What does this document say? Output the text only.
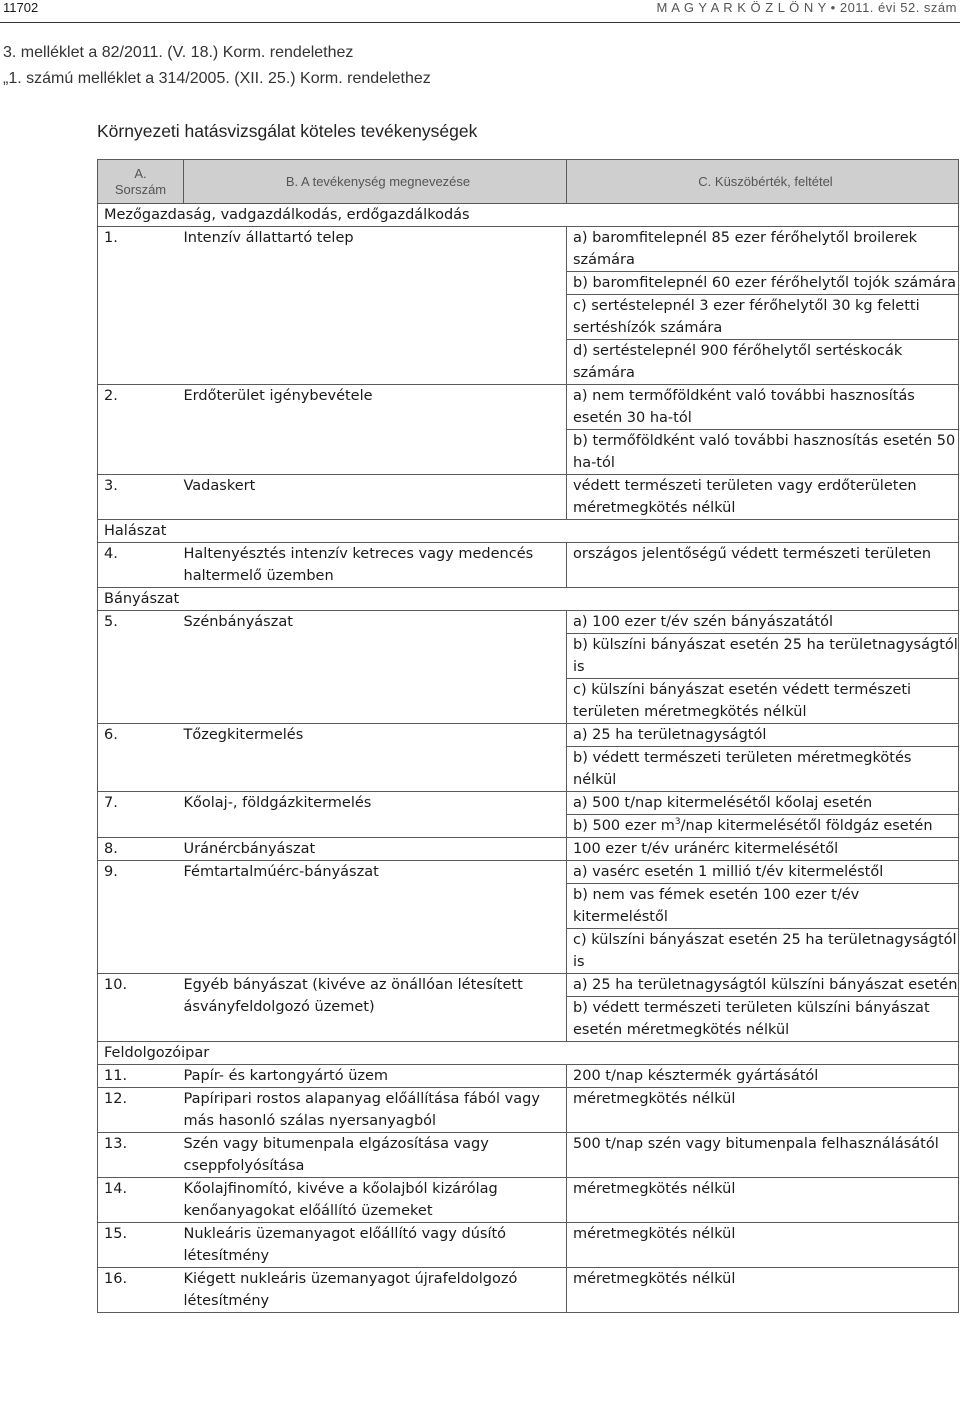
11702	M A G Y A R K Ö Z L Ö N Y • 2011. évi 52. szám
3. melléklet a 82/2011. (V. 18.) Korm. rendelethez
„1. számú melléklet a 314/2005. (XII. 25.) Korm. rendelethez
Környezeti hatásvizsgálat köteles tevékenységek
A.
Sorszám	B. A tevékenység megnevezése	C. Küszöbérték, feltétel
Mezőgazdaság, vadgazdálkodás, erdőgazdálkodás		
1.	Intenzív állattartó telep	a) baromfitelepnél 85 ezer férőhelytől broilerek számára
		b) baromfitelepnél 60 ezer férőhelytől tojók számára
		c) sertéstelepnél 3 ezer férőhelytől 30 kg feletti sertéshízók számára
		d) sertéstelepnél 900 férőhelytől sertéskocák számára
2.	Erdőterület igénybevétele	a) nem termőföldként való további hasznosítás esetén 30 ha-tól
		b) termőföldként való további hasznosítás esetén 50 ha-tól
3.	Vadaskert	védett természeti területen vagy erdőterületen méretmegkötés nélkül
Halászat		
4.	Haltenyésztés intenzív ketreces vagy medencés haltermelő üzemben	országos jelentőségű védett természeti területen
Bányászat		
5.	Szénbányászat	a) 100 ezer t/év szén bányászatától
		b) külszíni bányászat esetén 25 ha területnagyságtól is
		c) külszíni bányászat esetén védett természeti területen méretmegkötés nélkül
6.	Tőzegkitermelés	a) 25 ha területnagyságtól
		b) védett természeti területen méretmegkötés nélkül
7.	Kőolaj-, földgázkitermelés	a) 500 t/nap kitermelésétől kőolaj esetén
		b) 500 ezer $m^3$/nap kitermelésétől földgáz esetén
8.	Uránércbányászat	100 ezer t/év uránérc kitermelésétől
9.	Fémtartalmúérc-bányászat	a) vasérc esetén 1 millió t/év kitermeléstől
		b) nem vas fémek esetén 100 ezer t/év kitermeléstől
		c) külszíni bányászat esetén 25 ha területnagyságtól is
10.	Egyéb bányászat (kivéve az önállóan létesített ásványfeldolgozó üzemet)	a) 25 ha területnagyságtól külszíni bányászat esetén
		b) védett természeti területen külszíni bányászat esetén méretmegkötés nélkül
Feldolgozóipar		
11.	Papír- és kartongyártó üzem	200 t/nap késztermék gyártásától
12.	Papíripari rostos alapanyag előállítása fából vagy más hasonló szálas nyersanyagból	méretmegkötés nélkül
13.	Szén vagy bitumenpala elgázosítása vagy cseppfolyósítása	500 t/nap szén vagy bitumenpala felhasználásától
14.	Kőolajfinomító, kivéve a kőolajból kizárólag kenőanyagokat előállító üzemeket	méretmegkötés nélkül
15.	Nukleáris üzemanyagot előállító vagy dúsító létesítmény	méretmegkötés nélkül
16.	Kiégett nukleáris üzemanyagot újrafeldolgozó létesítmény	méretmegkötés nélkül
